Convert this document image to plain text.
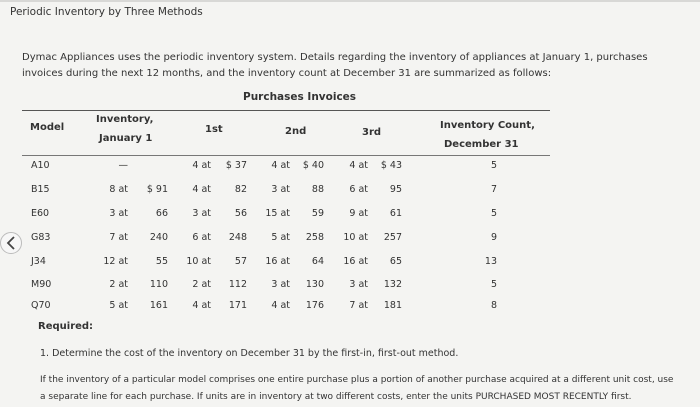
Periodic Inventory by Three Methods
Dymac Appliances uses the periodic inventory system. Details regarding the inventory of appliances at January 1, purchases invoices during the next 12 months, and the inventory count at December 31 are summarized as follows:
Purchases Invoices
Model
Inventory,
January 1
1st	2nd	3rd
Inventory Count,
December 31
A10	—	4 at	$ 37	4 at	$ 40	4 at	$ 43	5
B15	8 at	$ 91	4 at	82	3 at	88	6 at	95	7
E60	3 at	66	3 at	56	15 at	59	9 at	61	5
G83	7 at	240	6 at	248	5 at	258	10 at	257	9
J34	12 at	55	10 at	57	16 at	64	16 at	65	13
M90	2 at	110	2 at	112	3 at	130	3 at	132	5
Q70	5 at	161	4 at	171	4 at	176	7 at	181	8
Required:
1. Determine the cost of the inventory on December 31 by the first-in, first-out method.
If the inventory of a particular model comprises one entire purchase plus a portion of another purchase acquired at a different unit cost, use a separate line for each purchase. If units are in inventory at two different costs, enter the units PURCHASED MOST RECENTLY first.
